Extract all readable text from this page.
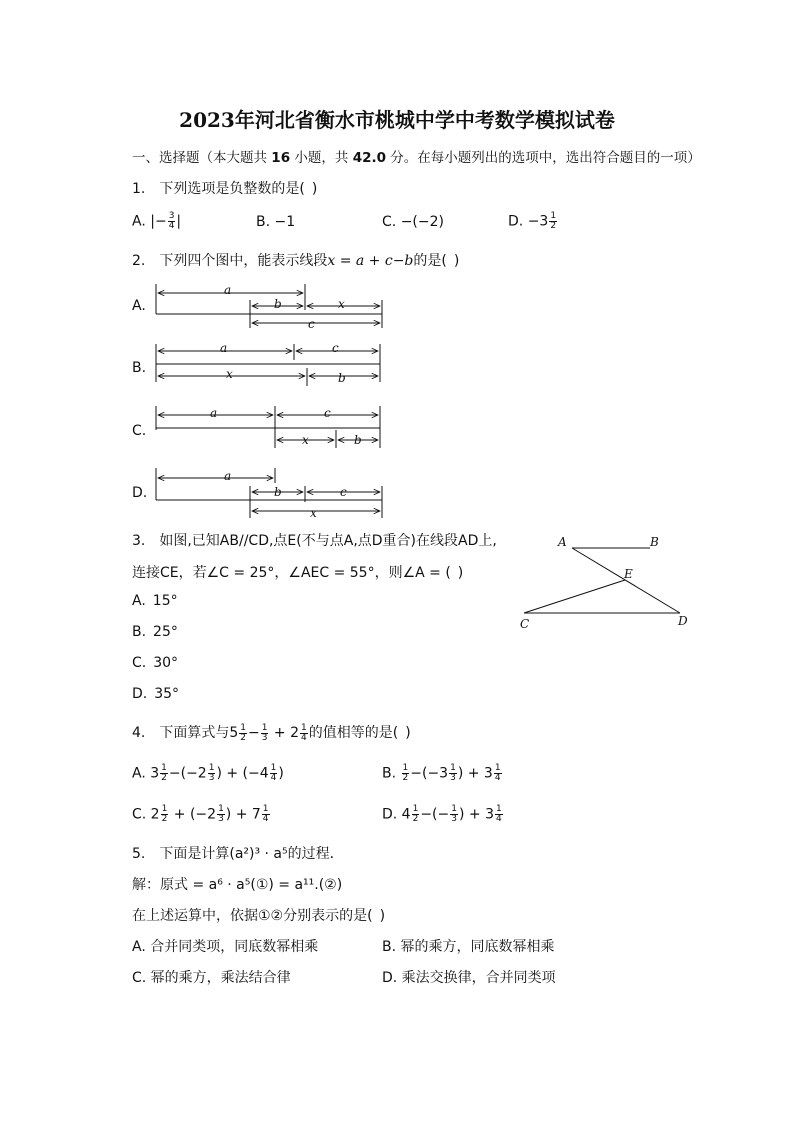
2023年河北省衡水市桃城中学中考数学模拟试卷
一、选择题（本大题共 16 小题，共 42.0 分。在每小题列出的选项中，选出符合题目的一项）
1. 下列选项是负整数的是( )
A. |− $\frac{3}{4}$ |	B. −1	C. −(−2)	D. $-3 \frac{1}{2}$
2. 下列四个图中，能表示线段x = a + c−b的是( )
A.
B.
C.
D.
a
b	x
c
a	c
x	b
a	c
x	b
a
b	c
x
3. 如图,已知AB//CD,点E(不与点A,点D重合)在线段AD上,
连接CE，若∠C = 25°，∠AEC = 55°，则∠A = ( )
A. 15°
B. 25°
C. 30°
D. 35°
A	B
E
C	D
4. 下面算式与$5 \frac{1}{2} - \frac{1}{3} + 2 \frac{1}{4}$ 的值相等的是( )
A. $3 \frac{1}{2} -(-2 \frac{1}{3}$ ) + ($-4 \frac{1}{4}$ )	B. $\frac{1}{2} -(-3 \frac{1}{3}$ ) + $3 \frac{1}{4}$
C. $2 \frac{1}{2} + (-2 \frac{1}{3}$ ) + $7 \frac{1}{4}$	D. $4 \frac{1}{2}$ −(− $\frac{1}{3}$ ) + $3 \frac{1}{4}$
5. 下面是计算(a²)³ · a⁵的过程．
解：原式 = a⁶ · a⁵(①) = a¹¹.(②)
在上述运算中，依据①②分别表示的是( )
A. 合并同类项，同底数幂相乘	B. 幂的乘方，同底数幂相乘
C. 幂的乘方，乘法结合律	D. 乘法交换律，合并同类项
